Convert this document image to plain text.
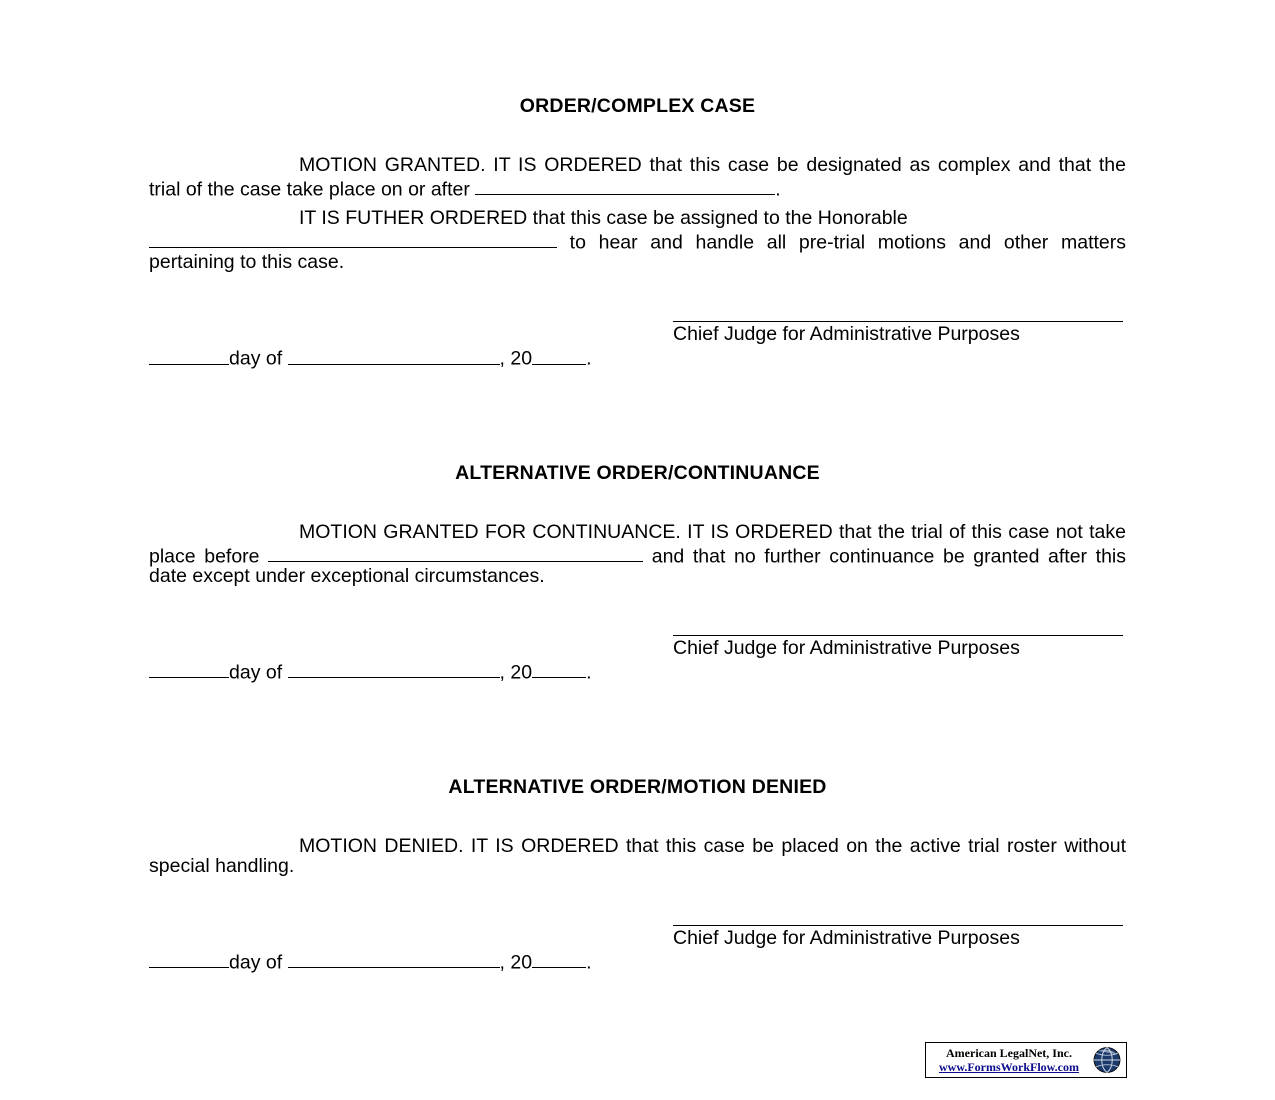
ORDER/COMPLEX CASE
MOTION GRANTED. IT IS ORDERED that this case be designated as complex and that the trial of the case take place on or after	.
IT IS FUTHER ORDERED that this case be assigned to the Honorable
to hear and handle all pre-trial motions and other matters pertaining to this case.
Chief Judge for Administrative Purposes
day of	, 20	.
ALTERNATIVE ORDER/CONTINUANCE
MOTION GRANTED FOR CONTINUANCE. IT IS ORDERED that the trial of this case not take place before	and that no further continuance be granted after this date except under exceptional circumstances.
Chief Judge for Administrative Purposes
day of	, 20	.
ALTERNATIVE ORDER/MOTION DENIED
MOTION DENIED. IT IS ORDERED that this case be placed on the active trial roster without special handling.
Chief Judge for Administrative Purposes
day of	, 20	.
American LegalNet, Inc.
www.FormsWorkFlow.com
